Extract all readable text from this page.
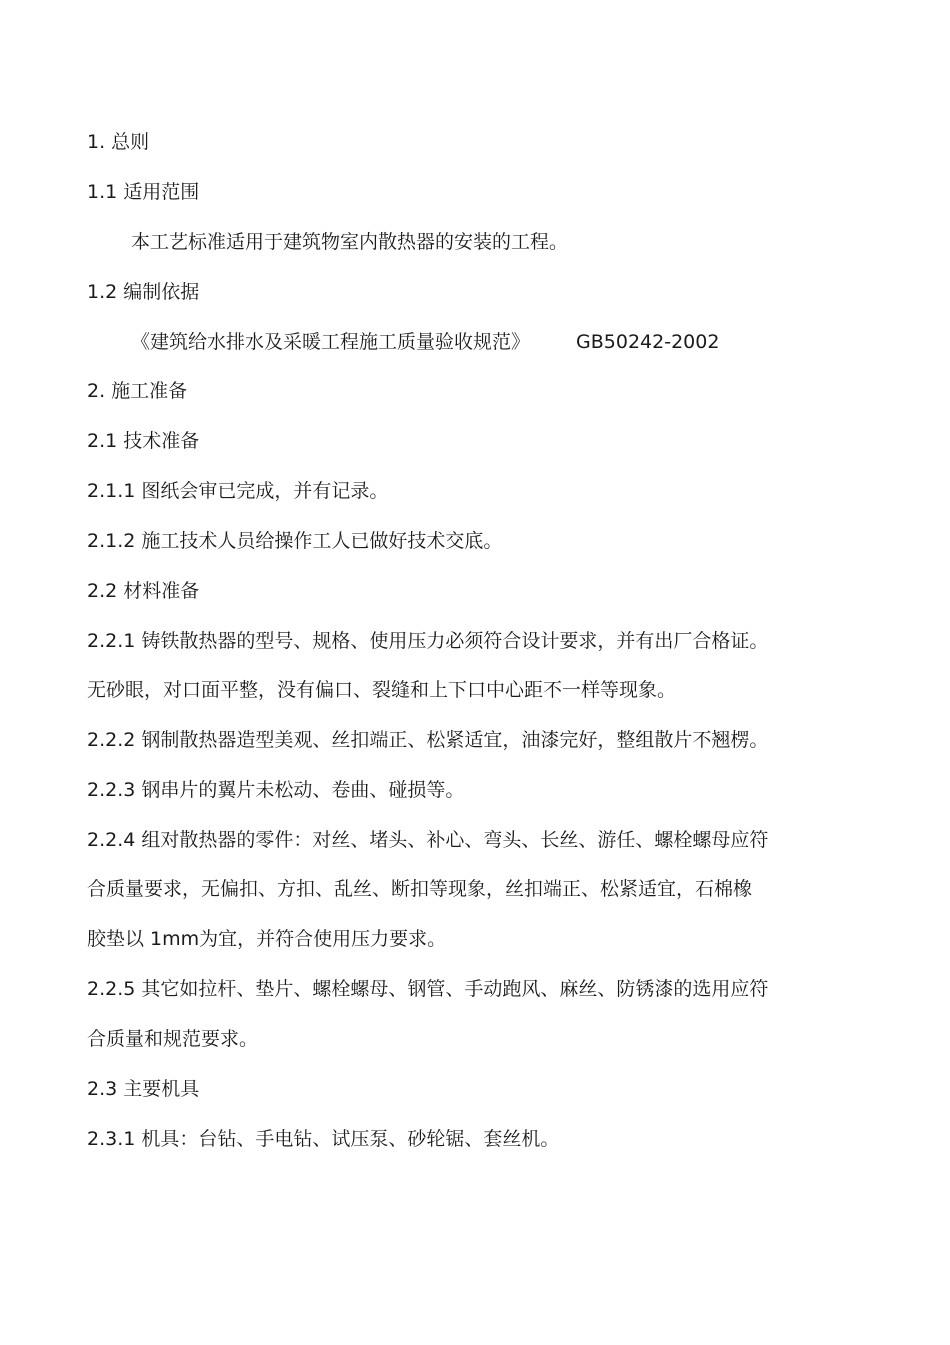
1. 总则

1.1 适用范围

本工艺标准适用于建筑物室内散热器的安装的工程。

1.2 编制依据

《建筑给水排水及采暖工程施工质量验收规范》 GB50242-2002

2. 施工准备

2.1 技术准备

2.1.1 图纸会审已完成，并有记录。

2.1.2 施工技术人员给操作工人已做好技术交底。

2.2 材料准备

2.2.1 铸铁散热器的型号、规格、使用压力必须符合设计要求，并有出厂合格证。

无砂眼，对口面平整，没有偏口、裂缝和上下口中心距不一样等现象。

2.2.2 钢制散热器造型美观、丝扣端正、松紧适宜，油漆完好，整组散片不翘楞。

2.2.3 钢串片的翼片未松动、卷曲、碰损等。

2.2.4 组对散热器的零件：对丝、堵头、补心、弯头、长丝、游任、螺栓螺母应符

合质量要求，无偏扣、方扣、乱丝、断扣等现象，丝扣端正、松紧适宜，石棉橡

胶垫以 1mm为宜，并符合使用压力要求。

2.2.5 其它如拉杆、垫片、螺栓螺母、钢管、手动跑风、麻丝、防锈漆的选用应符

合质量和规范要求。

2.3 主要机具

2.3.1 机具：台钻、手电钻、试压泵、砂轮锯、套丝机。
